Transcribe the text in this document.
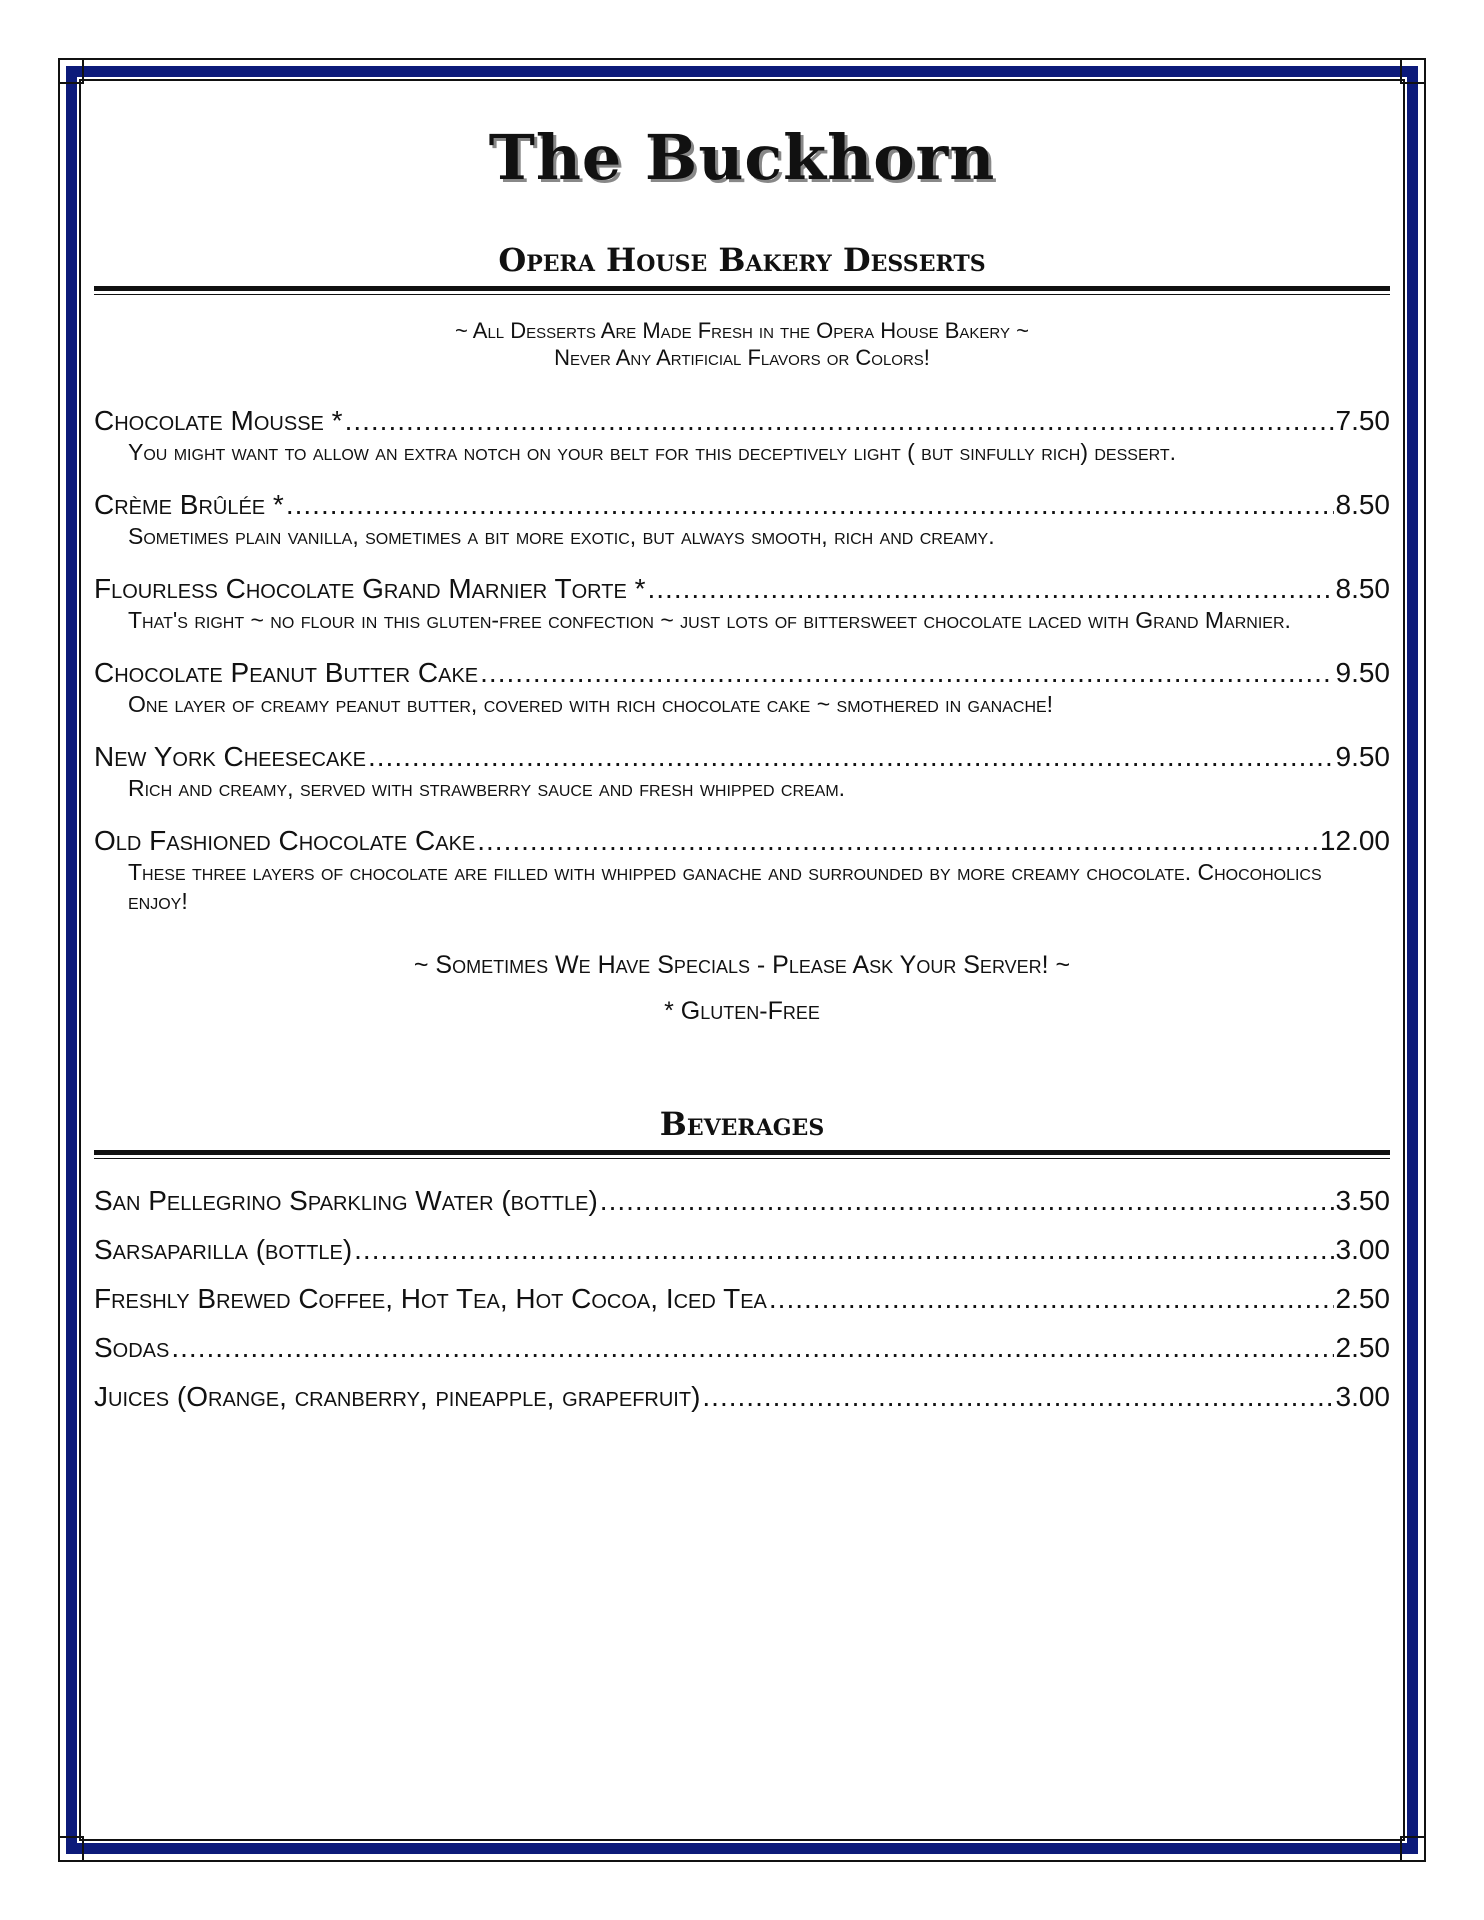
The Buckhorn
Opera House Bakery Desserts
~ All Desserts Are Made Fresh in the Opera House Bakery ~
Never Any Artificial Flavors or Colors!
Chocolate Mousse * .....	7.50
You might want to allow an extra notch on your belt for this deceptively light ( but sinfully rich) dessert.
Crème Brûlée * .....	8.50
Sometimes plain vanilla, sometimes a bit more exotic, but always smooth, rich and creamy.
Flourless Chocolate Grand Marnier Torte * .....	8.50
That's right ~ no flour in this gluten-free confection ~ just lots of bittersweet chocolate laced with Grand Marnier.
Chocolate Peanut Butter Cake .....	9.50
One layer of creamy peanut butter, covered with rich chocolate cake ~ smothered in ganache!
New York Cheesecake .....	9.50
Rich and creamy, served with strawberry sauce and fresh whipped cream.
Old Fashioned Chocolate Cake .....	12.00
These three layers of chocolate are filled with whipped ganache and surrounded by more creamy chocolate. Chocoholics enjoy!
~ Sometimes We Have Specials - Please Ask Your Server! ~
* Gluten-Free
Beverages
San Pellegrino Sparkling Water (bottle) .....	3.50
Sarsaparilla (bottle) .....	3.00
Freshly Brewed Coffee, Hot Tea, Hot Cocoa, Iced Tea .....	2.50
Sodas .....	2.50
Juices (Orange, cranberry, pineapple, grapefruit) .....	3.00
